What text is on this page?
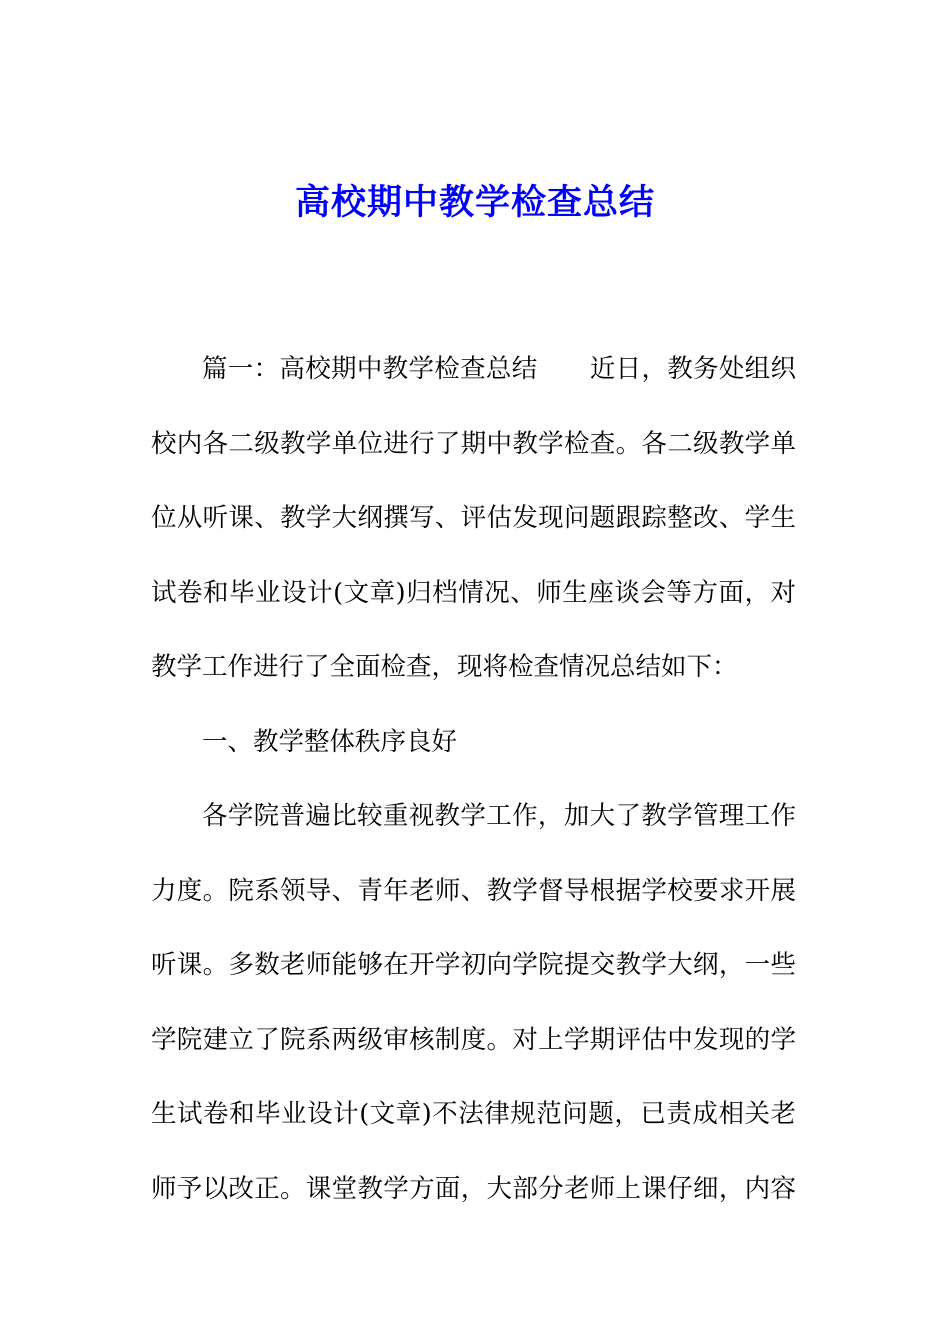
高校期中教学检查总结
篇一：高校期中教学检查总结 近日，教务处组织
校内各二级教学单位进行了期中教学检查。各二级教学单
位从听课、教学大纲撰写、评估发现问题跟踪整改、学生
试卷和毕业设计(文章)归档情况、师生座谈会等方面，对
教学工作进行了全面检查，现将检查情况总结如下：
一、教学整体秩序良好
各学院普遍比较重视教学工作，加大了教学管理工作
力度。院系领导、青年老师、教学督导根据学校要求开展
听课。多数老师能够在开学初向学院提交教学大纲，一些
学院建立了院系两级审核制度。对上学期评估中发现的学
生试卷和毕业设计(文章)不法律规范问题，已责成相关老
师予以改正。课堂教学方面，大部分老师上课仔细，内容
